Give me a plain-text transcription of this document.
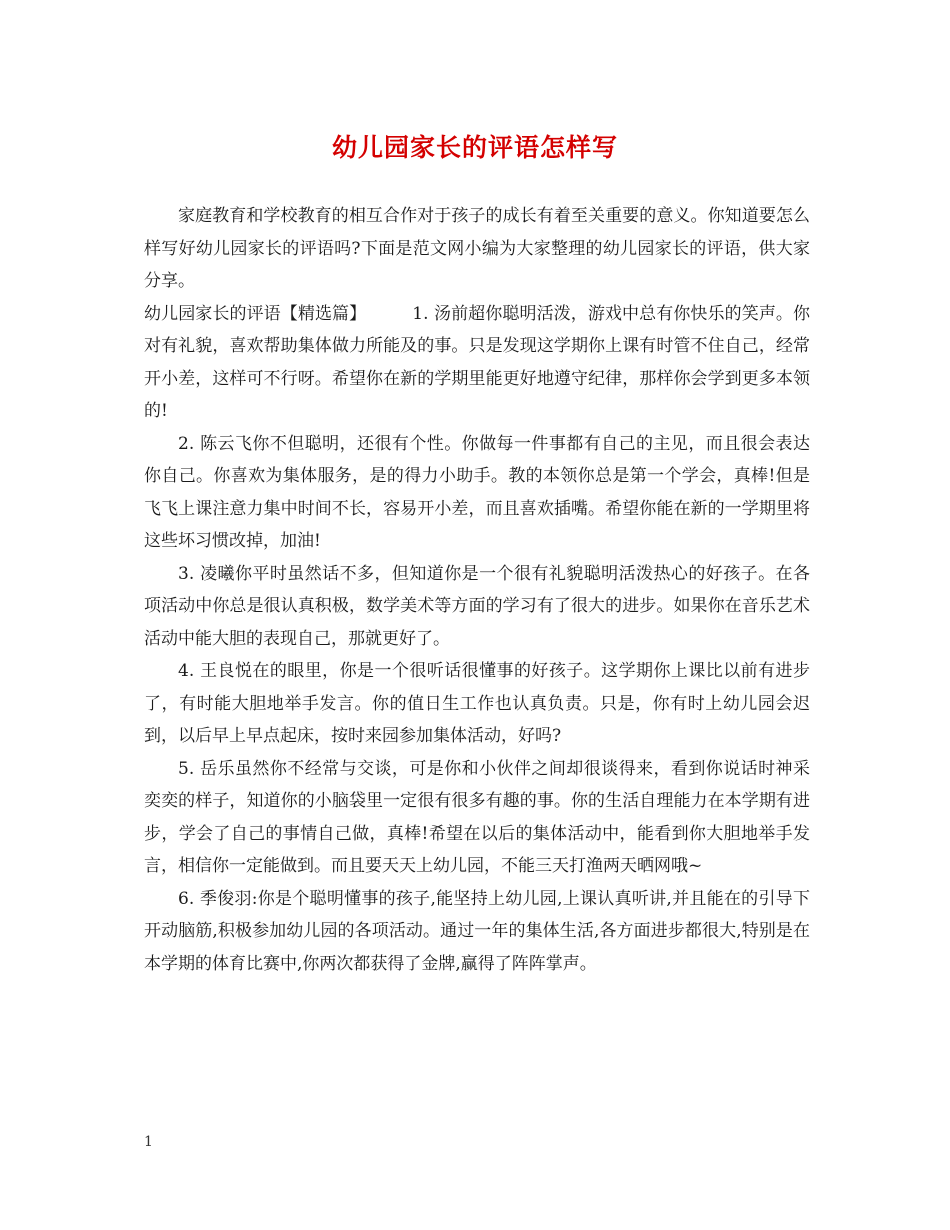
幼儿园家长的评语怎样写

家庭教育和学校教育的相互合作对于孩子的成长有着至关重要的意义。你知道要怎么样写好幼儿园家长的评语吗?下面是范文网小编为大家整理的幼儿园家长的评语，供大家分享。

幼儿园家长的评语【精选篇】	1. 汤前超你聪明活泼，游戏中总有你快乐的笑声。你对有礼貌，喜欢帮助集体做力所能及的事。只是发现这学期你上课有时管不住自己，经常开小差，这样可不行呀。希望你在新的学期里能更好地遵守纪律，那样你会学到更多本领的!

2. 陈云飞你不但聪明，还很有个性。你做每一件事都有自己的主见，而且很会表达你自己。你喜欢为集体服务，是的得力小助手。教的本领你总是第一个学会，真棒!但是飞飞上课注意力集中时间不长，容易开小差，而且喜欢插嘴。希望你能在新的一学期里将这些坏习惯改掉，加油!

3. 凌曦你平时虽然话不多，但知道你是一个很有礼貌聪明活泼热心的好孩子。在各项活动中你总是很认真积极，数学美术等方面的学习有了很大的进步。如果你在音乐艺术活动中能大胆的表现自己，那就更好了。

4. 王良悦在的眼里，你是一个很听话很懂事的好孩子。这学期你上课比以前有进步了，有时能大胆地举手发言。你的值日生工作也认真负责。只是，你有时上幼儿园会迟到，以后早上早点起床，按时来园参加集体活动，好吗?

5. 岳乐虽然你不经常与交谈，可是你和小伙伴之间却很谈得来，看到你说话时神采奕奕的样子，知道你的小脑袋里一定很有很多有趣的事。你的生活自理能力在本学期有进步，学会了自己的事情自己做，真棒!希望在以后的集体活动中，能看到你大胆地举手发言，相信你一定能做到。而且要天天上幼儿园，不能三天打渔两天晒网哦~

6. 季俊羽:你是个聪明懂事的孩子,能坚持上幼儿园,上课认真听讲,并且能在的引导下开动脑筋,积极参加幼儿园的各项活动。通过一年的集体生活,各方面进步都很大,特别是在本学期的体育比赛中,你两次都获得了金牌,赢得了阵阵掌声。

1
